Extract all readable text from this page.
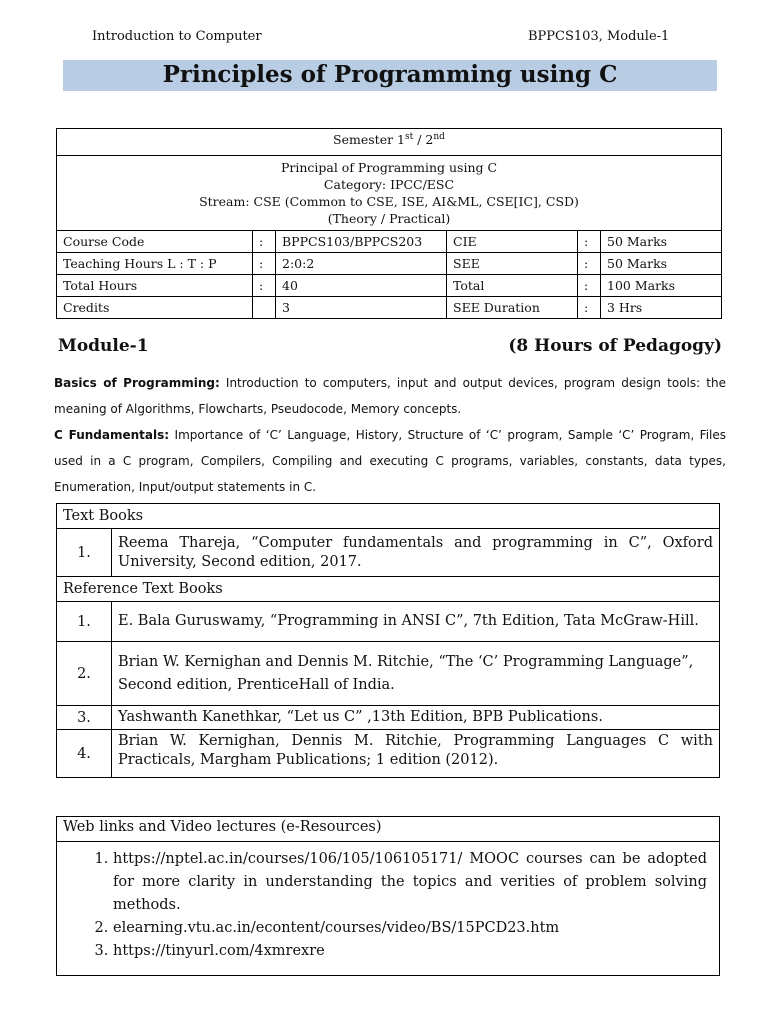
Introduction to Computer	BPPCS103, Module-1
Principles of Programming using C
Semester 1st / 2nd

Principal of Programming using C
Category: IPCC/ESC
Stream: CSE (Common to CSE, ISE, AI&ML, CSE[IC], CSD)
(Theory / Practical)					

Course Code	:	BPPCS103/BPPCS203	CIE	:	50 Marks
Teaching Hours L : T : P	:	2:0:2	SEE	:	50 Marks
Total Hours	:	40	Total	:	100 Marks
Credits		3	SEE Duration	:	3 Hrs
Module-1	(8 Hours of Pedagogy)
Basics of Programming: Introduction to computers, input and output devices, program design tools: the meaning of Algorithms, Flowcharts, Pseudocode, Memory concepts.
C Fundamentals: Importance of ‘C’ Language, History, Structure of ‘C’ program, Sample ‘C’ Program, Files used in a C program, Compilers, Compiling and executing C programs, variables, constants, data types, Enumeration, Input/output statements in C.
Text Books	
1.	Reema Thareja, “Computer fundamentals and programming in C”, Oxford University, Second edition, 2017.
Reference Text Books	
1.	E. Bala Guruswamy, “Programming in ANSI C”, 7th Edition, Tata McGraw-Hill.
2.	Brian W. Kernighan and Dennis M. Ritchie, “The ‘C’ Programming Language”, Second edition, PrenticeHall of India.
3.	Yashwanth Kanethkar, “Let us C” ,13th Edition, BPB Publications.
4.	Brian W. Kernighan, Dennis M. Ritchie, Programming Languages C with Practicals, Margham Publications; 1 edition (2012).
Web links and Video lectures (e-Resources)

1. https://nptel.ac.in/courses/106/105/106105171/ MOOC courses can be adopted for more clarity in understanding the topics and verities of problem solving methods.
2. elearning.vtu.ac.in/econtent/courses/video/BS/15PCD23.htm
3. https://tinyurl.com/4xmrexre
